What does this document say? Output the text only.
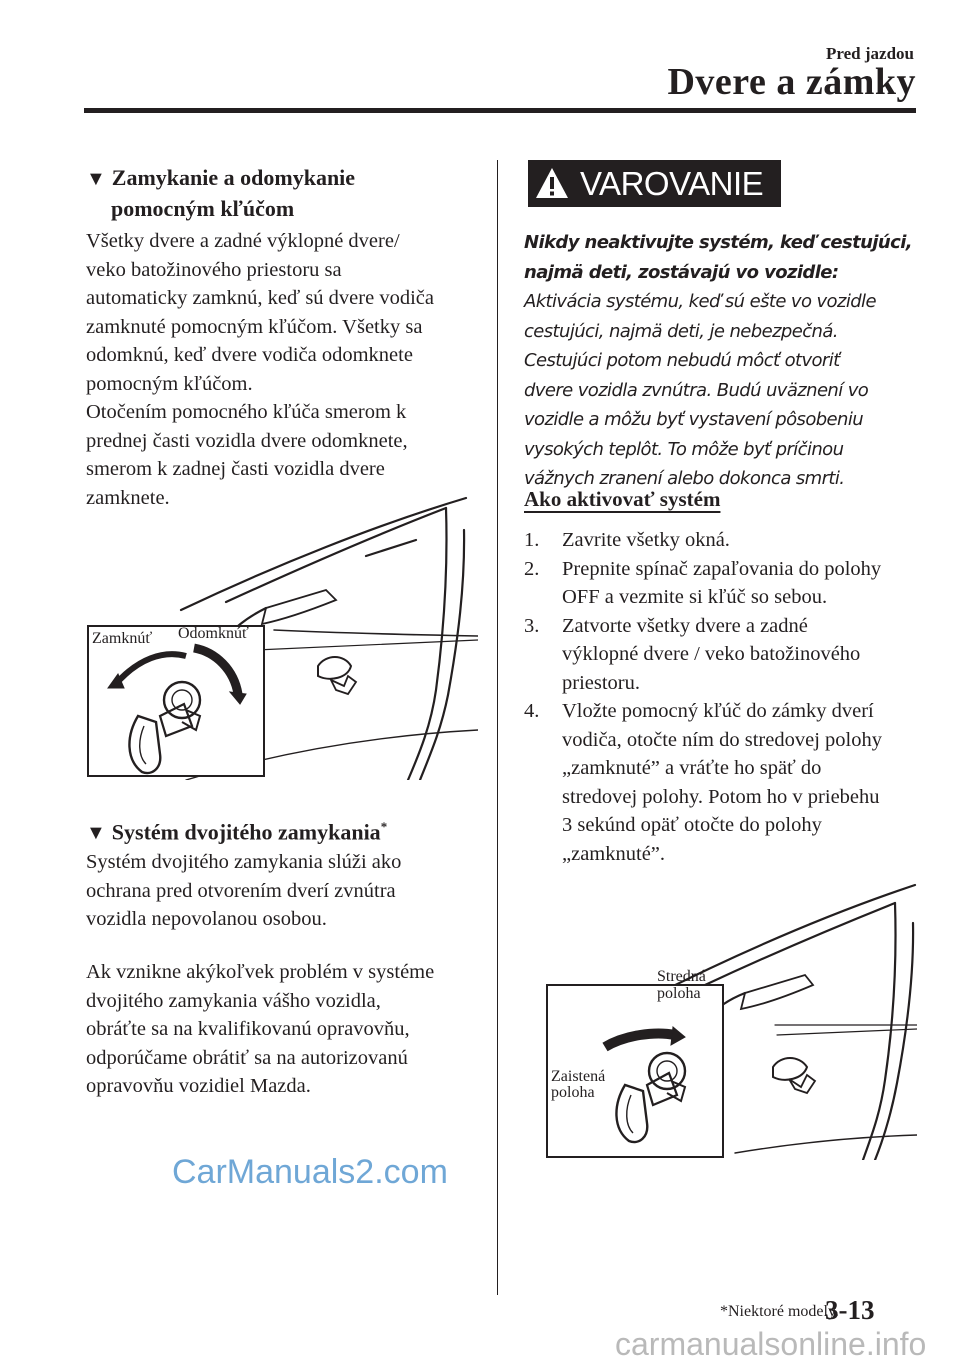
Pred jazdou
Dvere a zámky
▼ Zamykanie a odomykanie
pomocným kľúčom
Všetky dvere a zadné výklopné dvere/
veko batožinového priestoru sa
automaticky zamknú, keď sú dvere vodiča
zamknuté pomocným kľúčom. Všetky sa
odomknú, keď dvere vodiča odomknete
pomocným kľúčom.
Otočením pomocného kľúča smerom k
prednej časti vozidla dvere odomknete,
smerom k zadnej časti vozidla dvere
zamknete.
Zamknúť Odomknúť
▼ Systém dvojitého zamykania*
Systém dvojitého zamykania slúži ako
ochrana pred otvorením dverí zvnútra
vozidla nepovolanou osobou.
Ak vznikne akýkoľvek problém v systéme
dvojitého zamykania vášho vozidla,
obráťte sa na kvalifikovanú opravovňu,
odporúčame obrátiť sa na autorizovanú
opravovňu vozidiel Mazda.
VAROVANIE
Nikdy neaktivujte systém, keď cestujúci,
najmä deti, zostávajú vo vozidle:
Aktivácia systému, keď sú ešte vo vozidle
cestujúci, najmä deti, je nebezpečná.
Cestujúci potom nebudú môcť otvoriť
dvere vozidla zvnútra. Budú uväznení vo
vozidle a môžu byť vystavení pôsobeniu
vysokých teplôt. To môže byť príčinou
vážnych zranení alebo dokonca smrti.
Ako aktivovať systém
1.	Zavrite všetky okná.
2.	Prepnite spínač zapaľovania do polohy
OFF a vezmite si kľúč so sebou.
3.	Zatvorte všetky dvere a zadné
výklopné dvere / veko batožinového
priestoru.
4.	Vložte pomocný kľúč do zámky dverí
vodiča, otočte ním do stredovej polohy
„zamknuté” a vráťte ho späť do
stredovej polohy. Potom ho v priebehu
3 sekúnd opäť otočte do polohy
„zamknuté”.
Stredná
poloha
Zaistená
poloha
CarManuals2.com
carmanualsonline.info
*Niektoré modely.
3-13
